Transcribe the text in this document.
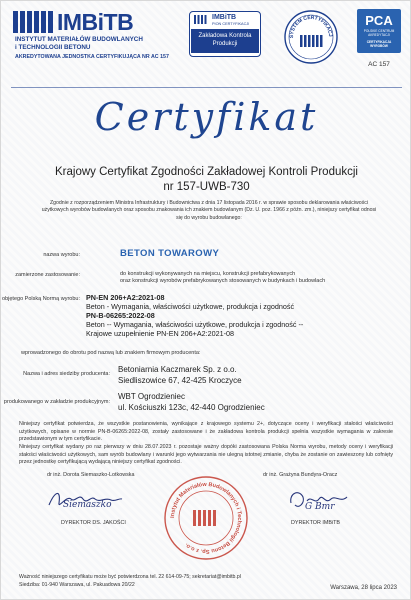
IMBiTB
INSTYTUT MATERIAŁÓW BUDOWLANYCH
i TECHNOLOGII BETONU
AKREDYTOWANA JEDNOSTKA CERTYFIKUJĄCA NR AC 157
IMBiTB
PION CERTYFIKACJI
Zakładowa Kontrola
Produkcji
SYSTEM CERTYFIKACJ
PCA
POLSKIE CENTRUM AKREDYTACJI
CERTYFIKACJA WYROBÓW
AC 157
Certyfikat
Krajowy Certyfikat Zgodności Zakładowej Kontroli Produkcji
nr 157-UWB-730
Zgodnie z rozporządzeniem Ministra Infrastruktury i Budownictwa z dnia 17 listopada 2016 r. w sprawie sposobu deklarowania właściwości użytkowych wyrobów budowlanych oraz sposobu znakowania ich znakiem budowlanym (Dz. U. poz. 1966 z późn. zm.), niniejszy certyfikat odnosi się do wyrobu budowlanego:
nazwa wyrobu:	BETON TOWAROWY
zamierzone zastosowanie:	do konstrukcji wykonywanych na miejscu, konstrukcji prefabrykowanych
oraz konstrukcji wyrobów prefabrykowanych stosowanych w budynkach i budowlach
objętego Polską Normą wyrobu: PN-EN 206+A2:2021-08
Beton - Wymagania, właściwości użytkowe, produkcja i zgodność
PN-B-06265:2022-08
Beton -- Wymagania, właściwości użytkowe, produkcja i zgodność --
Krajowe uzupełnienie PN-EN 206+A2:2021-08
wprowadzonego do obrotu pod nazwą lub znakiem firmowym producenta:
Nazwa i adres siedziby producenta: Betoniarnia Kaczmarek Sp. z o.o.
Siedliszowice 67, 42-425 Kroczyce
produkowanego w zakładzie produkcyjnym:
WBT Ogrodzieniec
ul. Kościuszki 123c, 42-440 Ogrodzieniec
Niniejszy certyfikat potwierdza, że wszystkie postanowienia, wynikające z krajowego systemu 2+, dotyczące oceny i weryfikacji stałości właściwości użytkowych, opisane w normie PN-B-06265:2022-08, zostały zastosowane i że zakładowa kontrola produkcji spełnia wszystkie wymagania w zakresie przedstawionym w tym certyfikacie.
Niniejszy certyfikat wydany po raz pierwszy w dniu 28.07.2023 r. pozostaje ważny dopóki zastosowana Polska Norma wyrobu, metody oceny i weryfikacji stałości właściwości użytkowych, sam wyrób budowlany i warunki jego wytwarzania nie ulegną istotnej zmianie, chyba że zostanie on zawieszony lub cofnięty przez jednostkę certyfikującą wydającą niniejszy certyfikat zgodności.
dr inż. Dorota Siemaszko-Lotkowska
Siemaszko
DYREKTOR DS. JAKOŚCI
Instytut Materiałów Budowlanych i Technologii Betonu Sp. z o.o.
dr inż. Grażyna Bundyra-Oracz
G Bmr
DYREKTOR IMBiTB
Ważność niniejszego certyfikatu może być potwierdzona tel. 22 614-09-75; sekretariat@imbitb.pl
Siedziba: 01-940 Warszawa, ul. Pakuadowa 20/22	Warszawa, 28 lipca 2023
